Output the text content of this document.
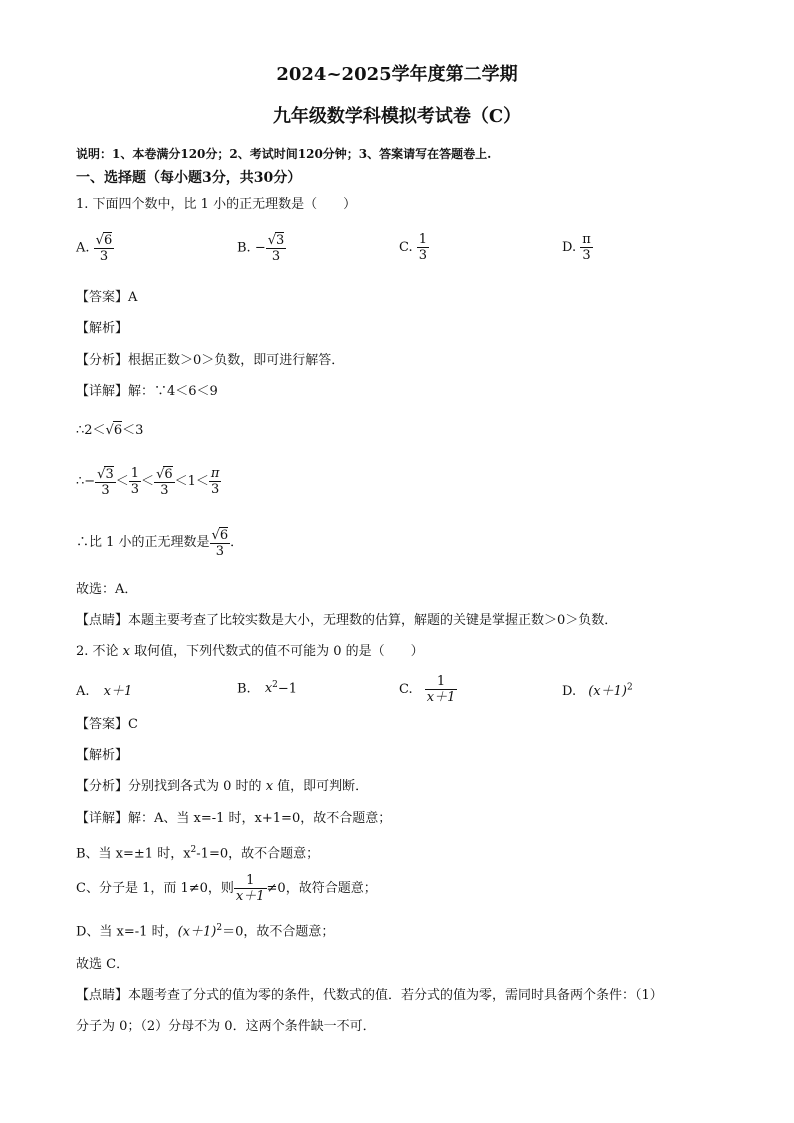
2024~2025学年度第二学期
九年级数学科模拟考试卷（C）
说明：1、本卷满分120分；2、考试时间120分钟；3、答案请写在答题卷上.
一、选择题（每小题3分，共30分）
1. 下面四个数中，比 1 小的正无理数是（　　）
A. $\frac{√6}{3}$	B. − $\frac{√3}{3}$	C. $\frac{1}{3}$	D. $\frac{\pi}{3}$
【答案】A
【解析】
【分析】根据正数＞0＞负数，即可进行解答．
【详解】解：∵4＜6＜9
∴2＜√6＜3
∴− $\frac{√3}{3} < \frac{1}{3} < \frac{√6}{3} <1< \frac{\pi}{3}$
∴比 1 小的正无理数是 $\frac{√6}{3}$ ．
故选：A．
【点睛】本题主要考查了比较实数是大小，无理数的估算，解题的关键是掌握正数＞0＞负数．
2. 不论 x 取何值，下列代数式的值不可能为 0 的是（　　）
A. x＋1	B. $x^2-1$	C. $\frac{1}{x+1}$	D. $(x+1)^2$
【答案】C
【解析】
【分析】分别找到各式为 0 时的 x 值，即可判断．
【详解】解：A、当 x=-1 时，x+1=0，故不合题意；
B、当 x=±1 时，$x^2-1=0$，故不合题意；
C、分子是 1，而 1≠0，则 $\frac{1}{x+1} \ne 0$，故符合题意；
D、当 x=-1 时，$(x+1)^2=0$，故不合题意；
故选 C．
【点睛】本题考查了分式的值为零的条件，代数式的值．若分式的值为零，需同时具备两个条件：（1）
分子为 0；（2）分母不为 0．这两个条件缺一不可．
